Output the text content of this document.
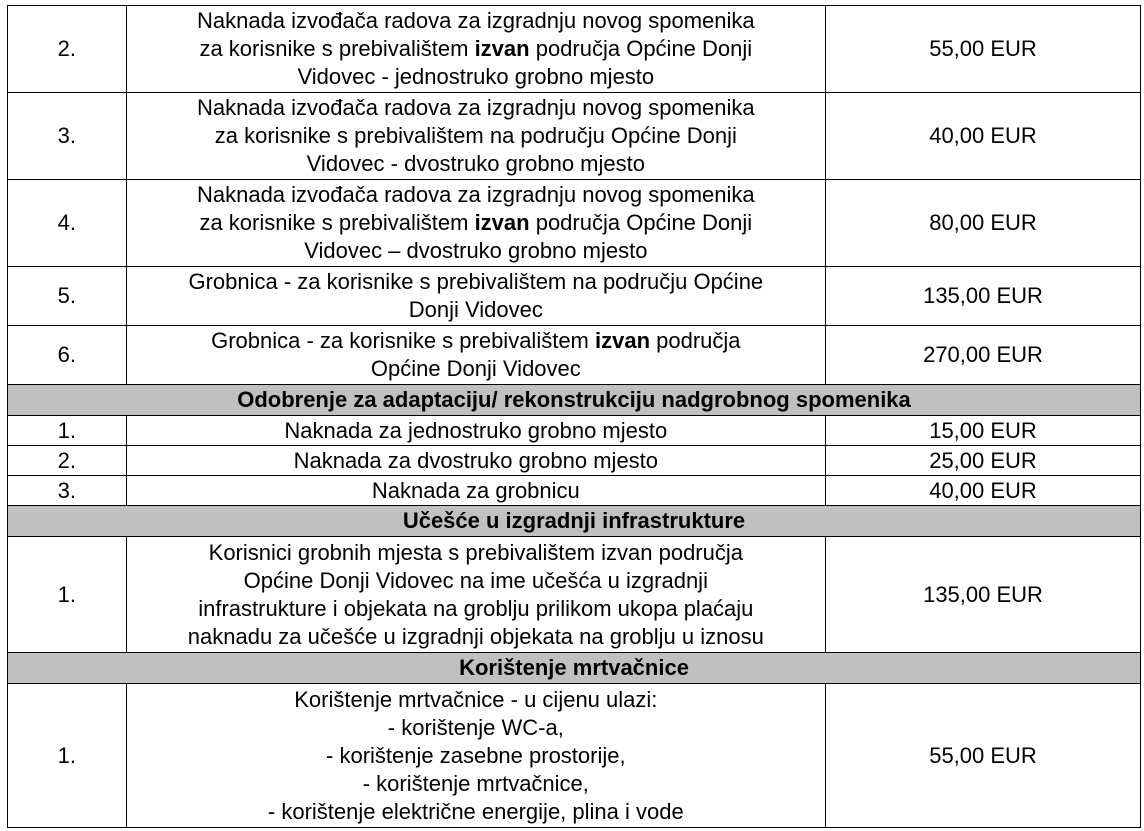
2.	Naknada izvođača radova za izgradnju novog spomenika
za korisnike s prebivalištem izvan područja Općine Donji
Vidovec - jednostruko grobno mjesto	55,00 EUR
3.	Naknada izvođača radova za izgradnju novog spomenika
za korisnike s prebivalištem na području Općine Donji
Vidovec - dvostruko grobno mjesto	40,00 EUR
4.	Naknada izvođača radova za izgradnju novog spomenika
za korisnike s prebivalištem izvan područja Općine Donji
Vidovec – dvostruko grobno mjesto	80,00 EUR
5.	Grobnica - za korisnike s prebivalištem na području Općine
Donji Vidovec	135,00 EUR
6.	Grobnica - za korisnike s prebivalištem izvan područja
Općine Donji Vidovec	270,00 EUR
Odobrenje za adaptaciju/ rekonstrukciju nadgrobnog spomenika		
1.	Naknada za jednostruko grobno mjesto	15,00 EUR
2.	Naknada za dvostruko grobno mjesto	25,00 EUR
3.	Naknada za grobnicu	40,00 EUR
Učešće u izgradnji infrastrukture		
1.	Korisnici grobnih mjesta s prebivalištem izvan područja
Općine Donji Vidovec na ime učešća u izgradnji
infrastrukture i objekata na groblju prilikom ukopa plaćaju
naknadu za učešće u izgradnji objekata na groblju u iznosu	135,00 EUR
Korištenje mrtvačnice		
1.	Korištenje mrtvačnice - u cijenu ulazi:
- korištenje WC-a,
- korištenje zasebne prostorije,
- korištenje mrtvačnice,
- korištenje električne energije, plina i vode	55,00 EUR
